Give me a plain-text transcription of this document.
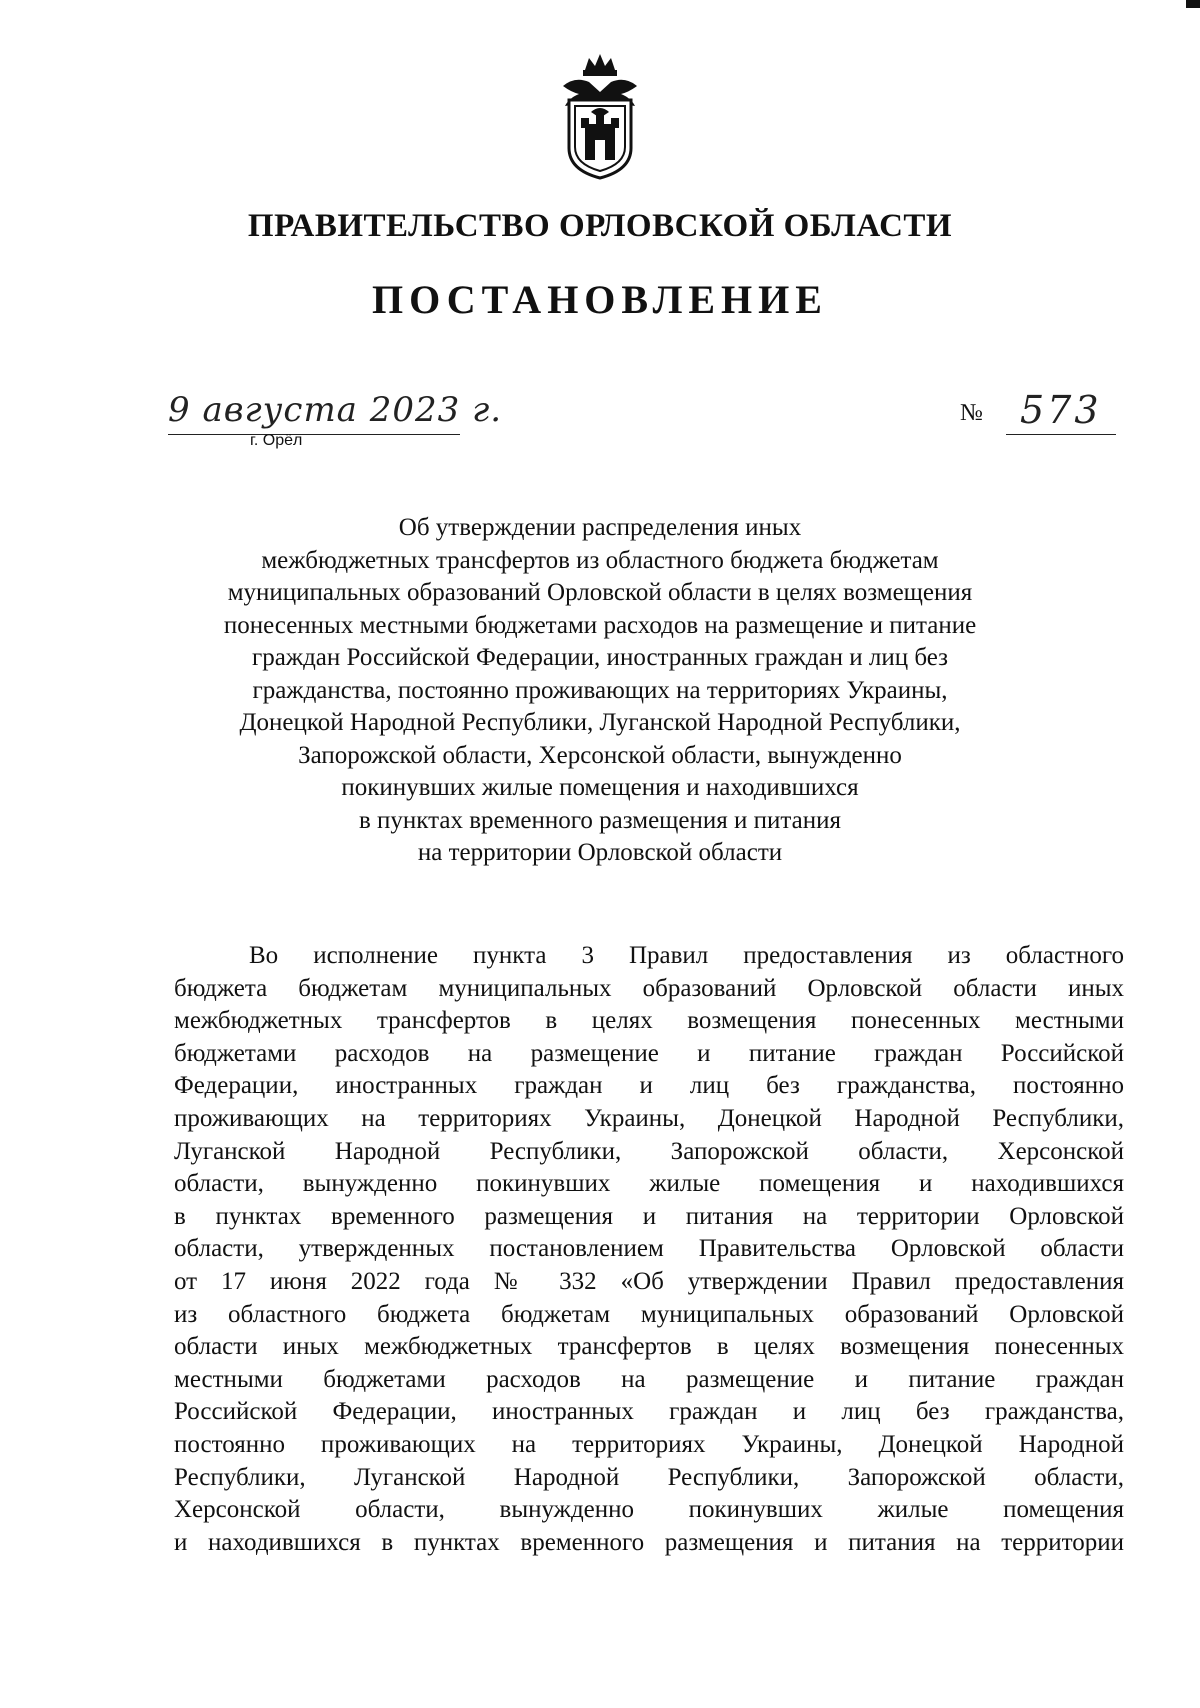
ПРАВИТЕЛЬСТВО ОРЛОВСКОЙ ОБЛАСТИ
ПОСТАНОВЛЕНИЕ
9 августа 2023 г.
г. Орёл
№ 573
Об утверждении распределения иных
межбюджетных трансфертов из областного бюджета бюджетам
муниципальных образований Орловской области в целях возмещения
понесенных местными бюджетами расходов на размещение и питание
граждан Российской Федерации, иностранных граждан и лиц без
гражданства, постоянно проживающих на территориях Украины,
Донецкой Народной Республики, Луганской Народной Республики,
Запорожской области, Херсонской области, вынужденно
покинувших жилые помещения и находившихся
в пунктах временного размещения и питания
на территории Орловской области
Во исполнение пункта 3 Правил предоставления из областного
бюджета бюджетам муниципальных образований Орловской области иных
межбюджетных трансфертов в целях возмещения понесенных местными
бюджетами расходов на размещение и питание граждан Российской
Федерации, иностранных граждан и лиц без гражданства, постоянно
проживающих на территориях Украины, Донецкой Народной Республики,
Луганской Народной Республики, Запорожской области, Херсонской
области, вынужденно покинувших жилые помещения и находившихся
в пунктах временного размещения и питания на территории Орловской
области, утвержденных постановлением Правительства Орловской области
от 17 июня 2022 года № 332 «Об утверждении Правил предоставления
из областного бюджета бюджетам муниципальных образований Орловской
области иных межбюджетных трансфертов в целях возмещения понесенных
местными бюджетами расходов на размещение и питание граждан
Российской Федерации, иностранных граждан и лиц без гражданства,
постоянно проживающих на территориях Украины, Донецкой Народной
Республики, Луганской Народной Республики, Запорожской области,
Херсонской области, вынужденно покинувших жилые помещения
и находившихся в пунктах временного размещения и питания на территории
